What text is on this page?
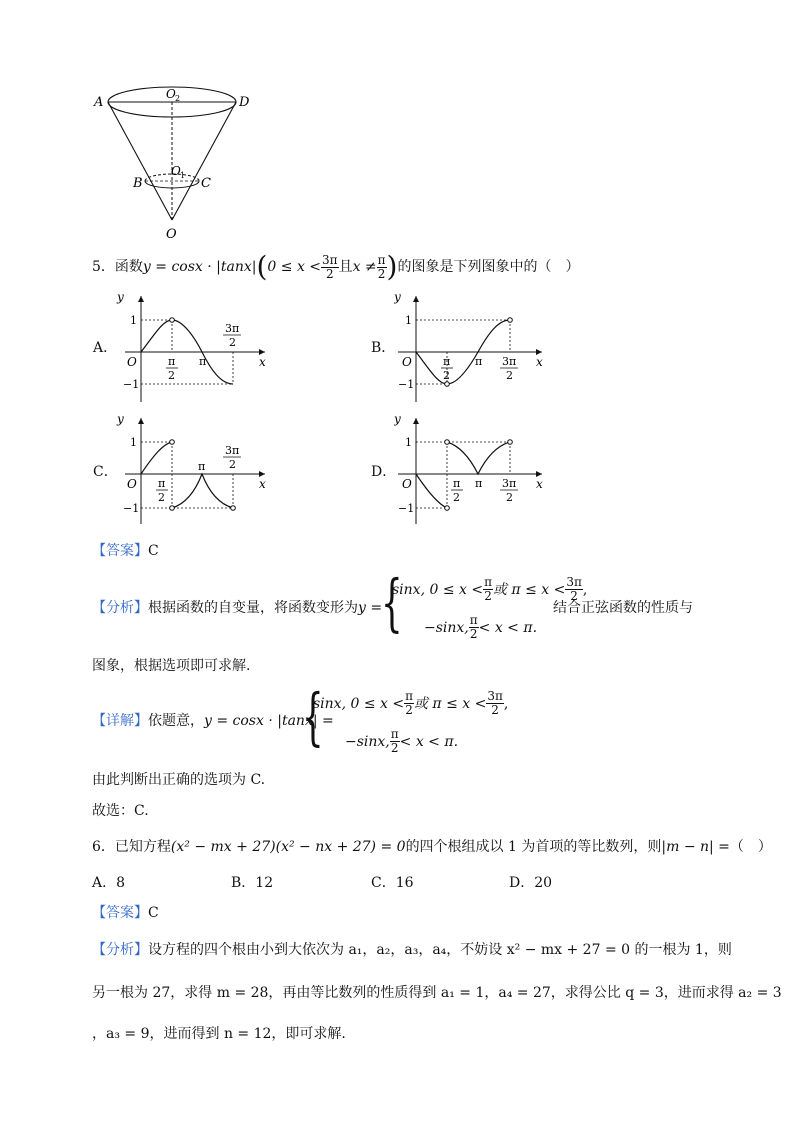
A	D
O 2
O 1
B	C
O
5．函数 y = cosx · |tanx| ( $0 \le x < \frac{3\pi}{2}$ 且 $x \ne \frac{\pi}{2}$ ) 的图象是下列图象中的（　）
A．	B．
C．	D．
y
x
O
1
−1
π
2
π
3π
2
y
x
O
1
−1
π
2
π 3π
2
y
x
O
1
−1
π
2
π
3π
2
y
x
O
1
−1
π
2
π 3π
2
【答案】C
【分析】根据函数的自变量，将函数变形为y =
{
sinx, $0 \le x < \frac{\pi}{2}$ 或 $\pi \le x < \frac{3\pi}{2}$ ,
−sinx, $\frac{\pi}{2} < x < \pi$.
结合正弦函数的性质与
图象，根据选项即可求解.
【详解】依题意，y = cosx · |tanx| =
{
sinx, $0 \le x < \frac{\pi}{2}$ 或 $\pi \le x < \frac{3\pi}{2}$ ,
−sinx, $\frac{\pi}{2} < x < \pi$.
由此判断出正确的选项为 C.
故选：C.
6．已知方程(x² − mx + 27)(x² − nx + 27) = 0的四个根组成以 1 为首项的等比数列，则|m − n| =（　）
A．8	B．12	C．16	D．20
【答案】C
【分析】设方程的四个根由小到大依次为 a₁，a₂，a₃，a₄，不妨设 x² − mx + 27 = 0 的一根为 1，则
另一根为 27，求得 m = 28，再由等比数列的性质得到 a₁ = 1，a₄ = 27，求得公比 q = 3，进而求得 a₂ = 3
，a₃ = 9，进而得到 n = 12，即可求解.
